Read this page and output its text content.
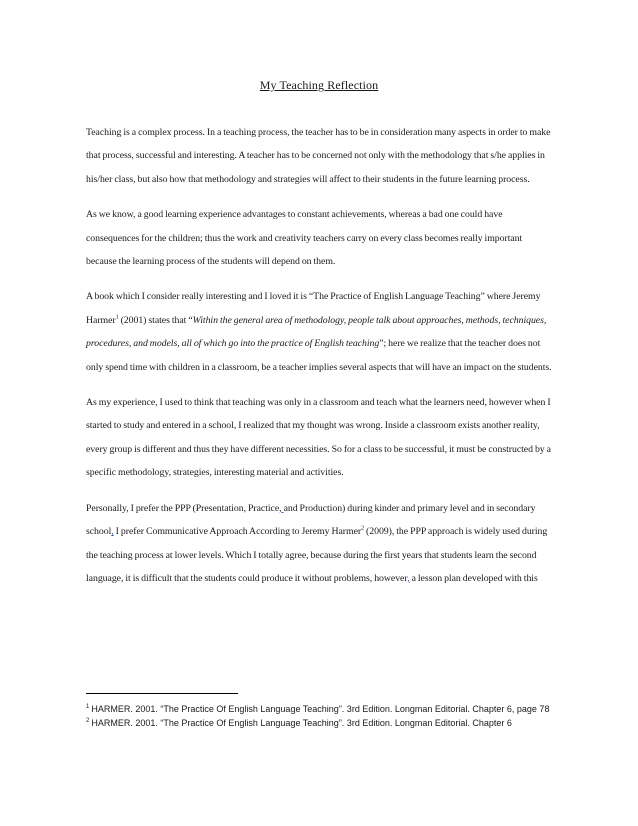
My Teaching Reflection

Teaching is a complex process. In a teaching process, the teacher has to be in consideration many aspects in order to make that process, successful and interesting. A teacher has to be concerned not only with the methodology that s/he applies in his/her class, but also how that methodology and strategies will affect to their students in the future learning process.

As we know, a good learning experience advantages to constant achievements, whereas a bad one could have consequences for the children; thus the work and creativity teachers carry on every class becomes really important because the learning process of the students will depend on them.

A book which I consider really interesting and I loved it is “The Practice of English Language Teaching” where Jeremy Harmer$^1$ (2001) states that “Within the general area of methodology, people talk about approaches, methods, techniques, procedures, and models, all of which go into the practice of English teaching”; here we realize that the teacher does not only spend time with children in a classroom, be a teacher implies several aspects that will have an impact on the students.

As my experience, I used to think that teaching was only in a classroom and teach what the learners need, however when I started to study and entered in a school, I realized that my thought was wrong. Inside a classroom exists another reality, every group is different and thus they have different necessities. So for a class to be successful, it must be constructed by a specific methodology, strategies, interesting material and activities.

Personally, I prefer the PPP (Presentation, Practice, and Production) during kinder and primary level and in secondary school, I prefer Communicative Approach According to Jeremy Harmer$^2$ (2009), the PPP approach is widely used during the teaching process at lower levels. Which I totally agree, because during the first years that students learn the second language, it is difficult that the students could produce it without problems, however, a lesson plan developed with this

$^1$ HARMER. 2001. “The Practice Of English Language Teaching”. 3rd Edition. Longman Editorial. Chapter 6, page 78
$^2$ HARMER. 2001. “The Practice Of English Language Teaching”. 3rd Edition. Longman Editorial. Chapter 6
